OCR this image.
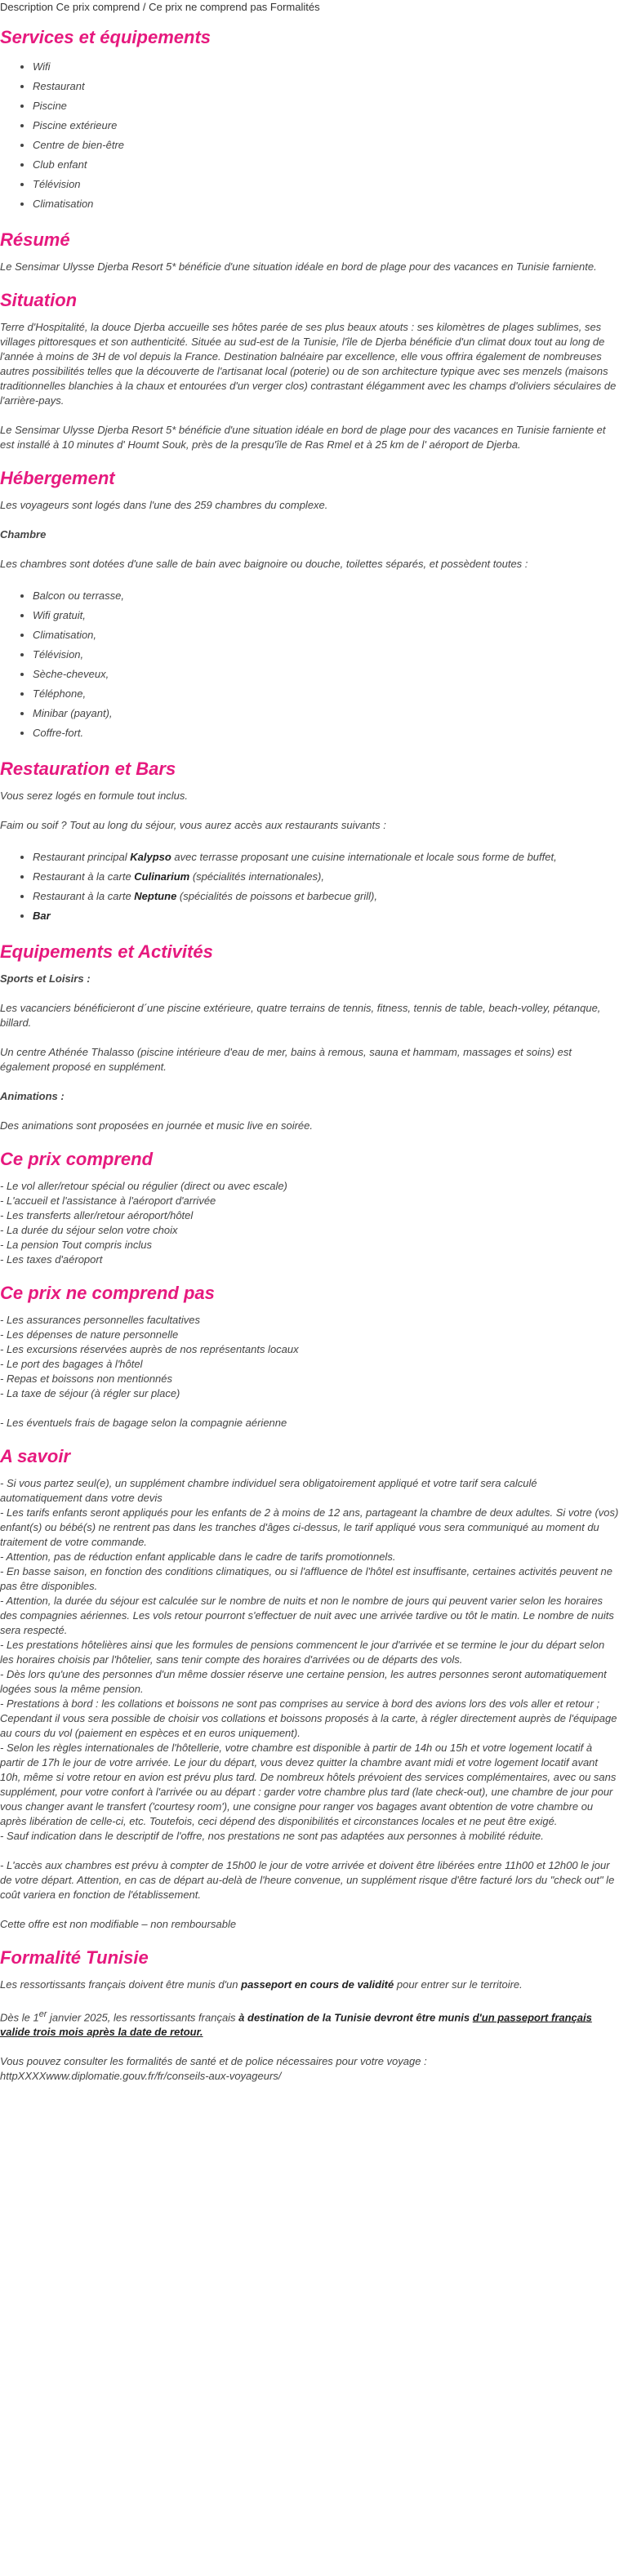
Description Ce prix comprend / Ce prix ne comprend pas Formalités
Services et équipements
• Wifi
• Restaurant
• Piscine
• Piscine extérieure
• Centre de bien-être
• Club enfant
• Télévision
• Climatisation
Résumé

Le Sensimar Ulysse Djerba Resort 5* bénéficie d'une situation idéale en bord de plage pour des vacances en Tunisie farniente.

Situation

Terre d'Hospitalité, la douce Djerba accueille ses hôtes parée de ses plus beaux atouts : ses kilomètres de plages sublimes, ses villages pittoresques et son authenticité. Située au sud-est de la Tunisie, l'île de Djerba bénéficie d'un climat doux tout au long de l'année à moins de 3H de vol depuis la France. Destination balnéaire par excellence, elle vous offrira également de nombreuses autres possibilités telles que la découverte de l'artisanat local (poterie) ou de son architecture typique avec ses menzels (maisons traditionnelles blanchies à la chaux et entourées d'un verger clos) contrastant élégamment avec les champs d'oliviers séculaires de l'arrière-pays.

Le Sensimar Ulysse Djerba Resort 5* bénéficie d'une situation idéale en bord de plage pour des vacances en Tunisie farniente et est installé à 10 minutes d' Houmt Souk, près de la presqu'île de Ras Rmel et à 25 km de l' aéroport de Djerba.

Hébergement

Les voyageurs sont logés dans l'une des 259 chambres du complexe.

Chambre

Les chambres sont dotées d'une salle de bain avec baignoire ou douche, toilettes séparés, et possèdent toutes :

• Balcon ou terrasse,
• Wifi gratuit,
• Climatisation,
• Télévision,
• Sèche-cheveux,
• Téléphone,
• Minibar (payant),
• Coffre-fort.
Restauration et Bars

Vous serez logés en formule tout inclus.

Faim ou soif ? Tout au long du séjour, vous aurez accès aux restaurants suivants :

• Restaurant principal Kalypso avec terrasse proposant une cuisine internationale et locale sous forme de buffet,
• Restaurant à la carte Culinarium (spécialités internationales),
• Restaurant à la carte Neptune (spécialités de poissons et barbecue grill),
• Bar
Equipements et Activités
Sports et Loisirs :

Les vacanciers bénéficieront d´une piscine extérieure, quatre terrains de tennis, fitness, tennis de table, beach-volley, pétanque, billard.

Un centre Athénée Thalasso (piscine intérieure d'eau de mer, bains à remous, sauna et hammam, massages et soins) est également proposé en supplément.

Animations :

Des animations sont proposées en journée et music live en soirée.

Ce prix comprend

- Le vol aller/retour spécial ou régulier (direct ou avec escale)
- L'accueil et l'assistance à l'aéroport d'arrivée
- Les transferts aller/retour aéroport/hôtel
- La durée du séjour selon votre choix
- La pension Tout compris inclus
- Les taxes d'aéroport

Ce prix ne comprend pas

- Les assurances personnelles facultatives
- Les dépenses de nature personnelle
- Les excursions réservées auprès de nos représentants locaux
- Le port des bagages à l'hôtel
- Repas et boissons non mentionnés
- La taxe de séjour (à régler sur place)

- Les éventuels frais de bagage selon la compagnie aérienne

A savoir

- Si vous partez seul(e), un supplément chambre individuel sera obligatoirement appliqué et votre tarif sera calculé automatiquement dans votre devis
- Les tarifs enfants seront appliqués pour les enfants de 2 à moins de 12 ans, partageant la chambre de deux adultes. Si votre (vos) enfant(s) ou bébé(s) ne rentrent pas dans les tranches d'âges ci-dessus, le tarif appliqué vous sera communiqué au moment du traitement de votre commande.
- Attention, pas de réduction enfant applicable dans le cadre de tarifs promotionnels.
- En basse saison, en fonction des conditions climatiques, ou si l'affluence de l'hôtel est insuffisante, certaines activités peuvent ne pas être disponibles.
- Attention, la durée du séjour est calculée sur le nombre de nuits et non le nombre de jours qui peuvent varier selon les horaires des compagnies aériennes. Les vols retour pourront s'effectuer de nuit avec une arrivée tardive ou tôt le matin. Le nombre de nuits sera respecté.
- Les prestations hôtelières ainsi que les formules de pensions commencent le jour d'arrivée et se termine le jour du départ selon les horaires choisis par l'hôtelier, sans tenir compte des horaires d'arrivées ou de départs des vols.
- Dès lors qu'une des personnes d'un même dossier réserve une certaine pension, les autres personnes seront automatiquement logées sous la même pension.
- Prestations à bord : les collations et boissons ne sont pas comprises au service à bord des avions lors des vols aller et retour ; Cependant il vous sera possible de choisir vos collations et boissons proposés à la carte, à régler directement auprès de l'équipage au cours du vol (paiement en espèces et en euros uniquement).
- Selon les règles internationales de l'hôtellerie, votre chambre est disponible à partir de 14h ou 15h et votre logement locatif à partir de 17h le jour de votre arrivée. Le jour du départ, vous devez quitter la chambre avant midi et votre logement locatif avant 10h, même si votre retour en avion est prévu plus tard. De nombreux hôtels prévoient des services complémentaires, avec ou sans supplément, pour votre confort à l'arrivée ou au départ : garder votre chambre plus tard (late check-out), une chambre de jour pour vous changer avant le transfert ('courtesy room'), une consigne pour ranger vos bagages avant obtention de votre chambre ou après libération de celle-ci, etc. Toutefois, ceci dépend des disponibilités et circonstances locales et ne peut être exigé.
- Sauf indication dans le descriptif de l'offre, nos prestations ne sont pas adaptées aux personnes à mobilité réduite.

- L'accès aux chambres est prévu à compter de 15h00 le jour de votre arrivée et doivent être libérées entre 11h00 et 12h00 le jour de votre départ. Attention, en cas de départ au-delà de l'heure convenue, un supplément risque d'être facturé lors du "check out" le coût variera en fonction de l'établissement.

Cette offre est non modifiable – non remboursable

Formalité Tunisie

Les ressortissants français doivent être munis d'un passeport en cours de validité pour entrer sur le territoire.

Dès le 1er janvier 2025, les ressortissants français à destination de la Tunisie devront être munis d'un passeport français valide trois mois après la date de retour.

Vous pouvez consulter les formalités de santé et de police nécessaires pour votre voyage :
httpXXXXwww.diplomatie.gouv.fr/fr/conseils-aux-voyageurs/
